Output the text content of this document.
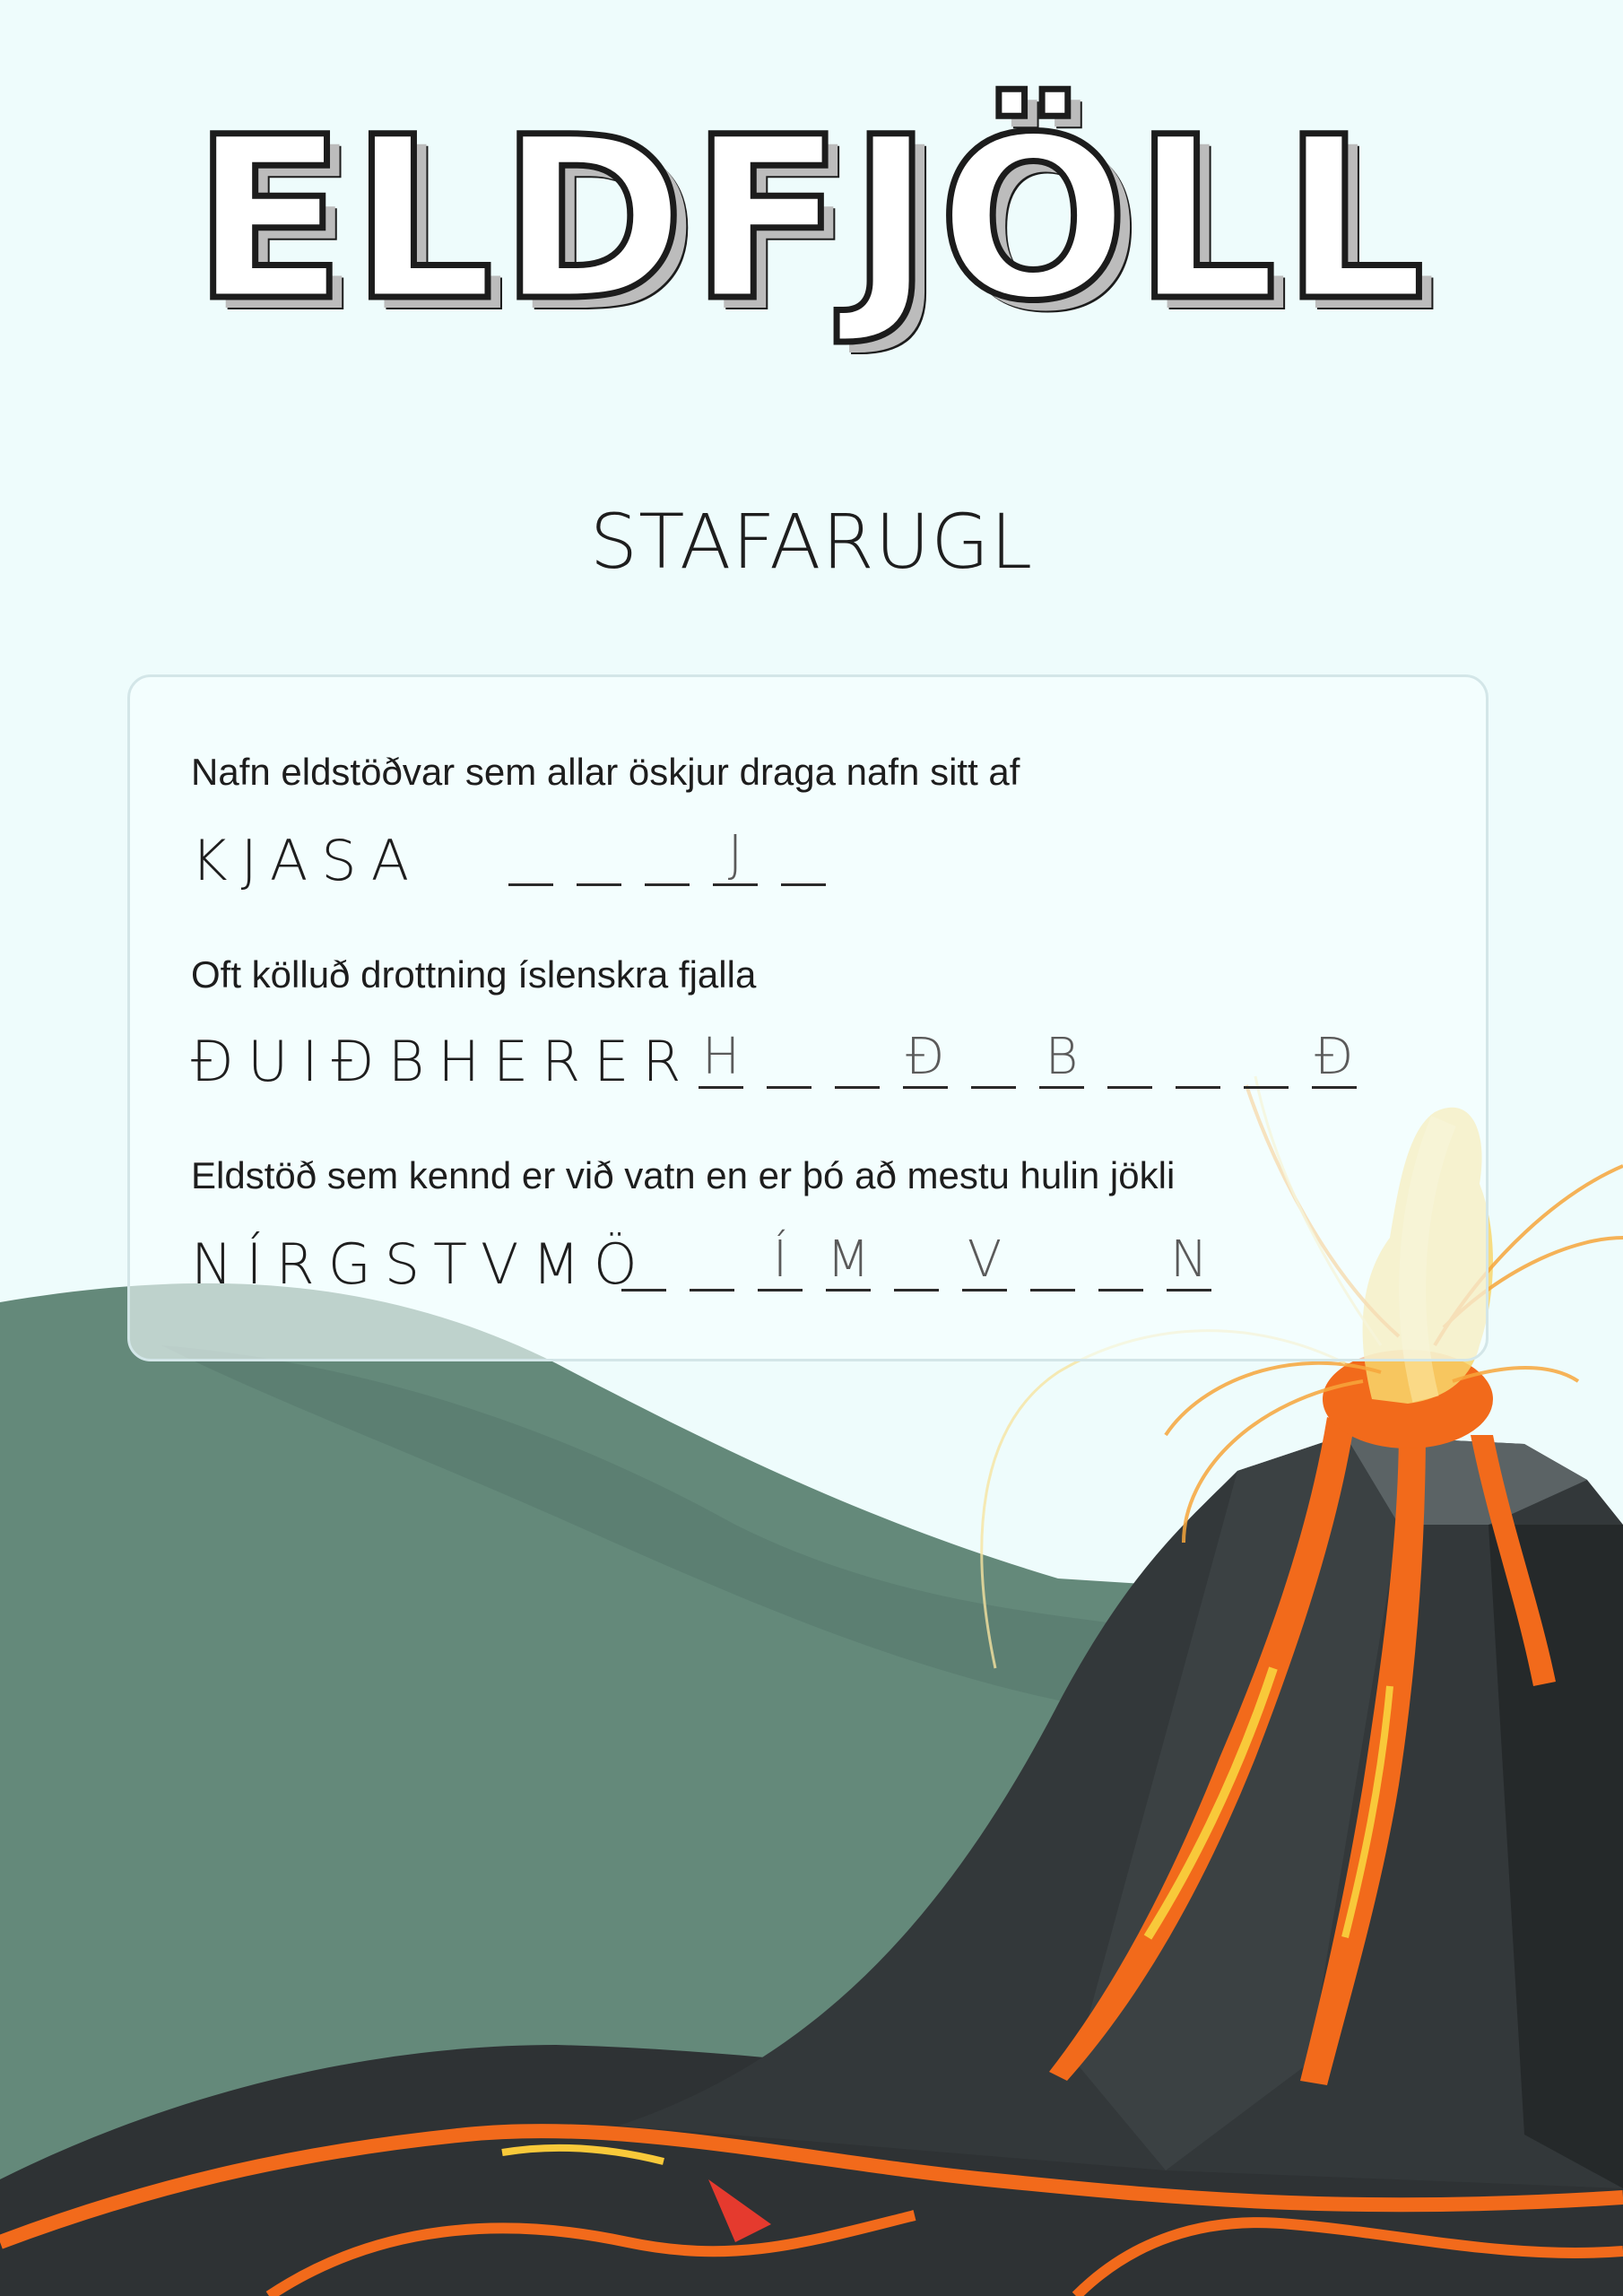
ELDFJÖLL
STAFARUGL
Nafn eldstöðvar sem allar öskjur draga nafn sitt af
KJASA	J
Oft kölluð drottning íslenskra fjalla
ÐUIÐBHERER H	Ð B	Ð
Eldstöð sem kennd er við vatn en er þó að mestu hulin jökli
NÍRGSTVMÖ Í M V	N
